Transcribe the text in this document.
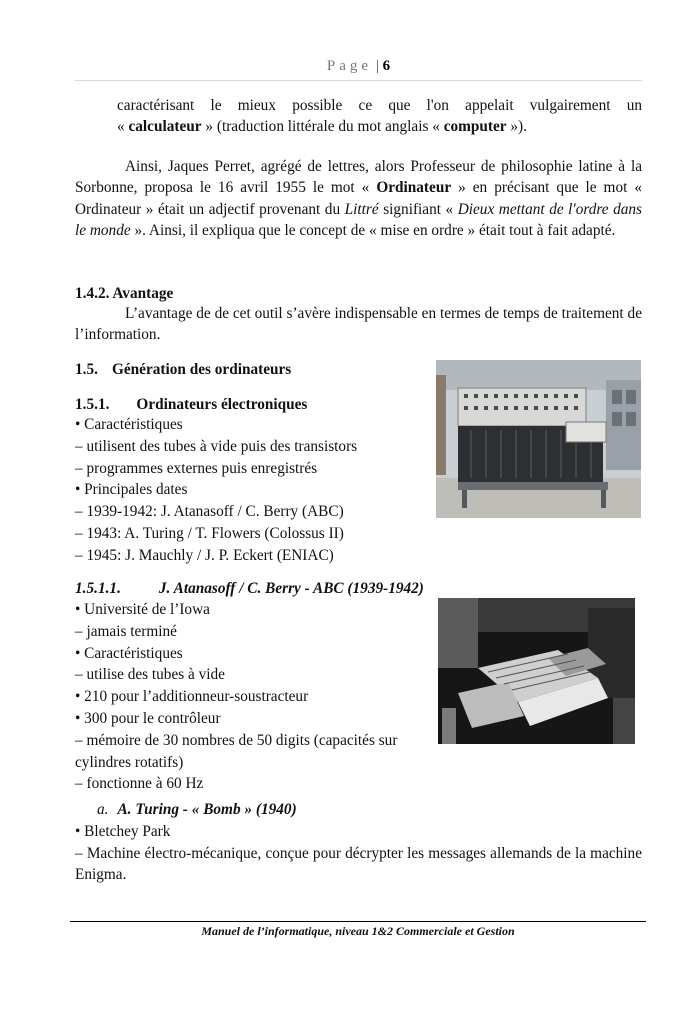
Page | 6
caractérisant le mieux possible ce que l'on appelait vulgairement un
« calculateur » (traduction littérale du mot anglais « computer »).
Ainsi, Jaques Perret, agrégé de lettres, alors Professeur de philosophie latine à la Sorbonne, proposa le 16 avril 1955 le mot « Ordinateur » en précisant que le mot « Ordinateur » était un adjectif provenant du Littré signifiant « Dieux mettant de l'ordre dans le monde ». Ainsi, il expliqua que le concept de « mise en ordre » était tout à fait adapté.
1.4.2. Avantage
L’avantage de de cet outil s’avère indispensable en termes de temps de traitement de l’information.
1.5. Génération des ordinateurs
1.5.1. Ordinateurs électroniques
• Caractéristiques
– utilisent des tubes à vide puis des transistors
– programmes externes puis enregistrés
• Principales dates
– 1939-1942: J. Atanasoff / C. Berry (ABC)
– 1943: A. Turing / T. Flowers (Colossus II)
– 1945: J. Mauchly / J. P. Eckert (ENIAC)
1.5.1.1. J. Atanasoff / C. Berry - ABC (1939-1942)
• Université de l’Iowa
– jamais terminé
• Caractéristiques
– utilise des tubes à vide
• 210 pour l’additionneur-soustracteur
• 300 pour le contrôleur
– mémoire de 30 nombres de 50 digits (capacités sur
cylindres rotatifs)
– fonctionne à 60 Hz
a. A. Turing - « Bomb » (1940)
• Bletchey Park
– Machine électro-mécanique, conçue pour décrypter les messages allemands de la machine Enigma.
Manuel de l’informatique, niveau 1&2 Commerciale et Gestion
